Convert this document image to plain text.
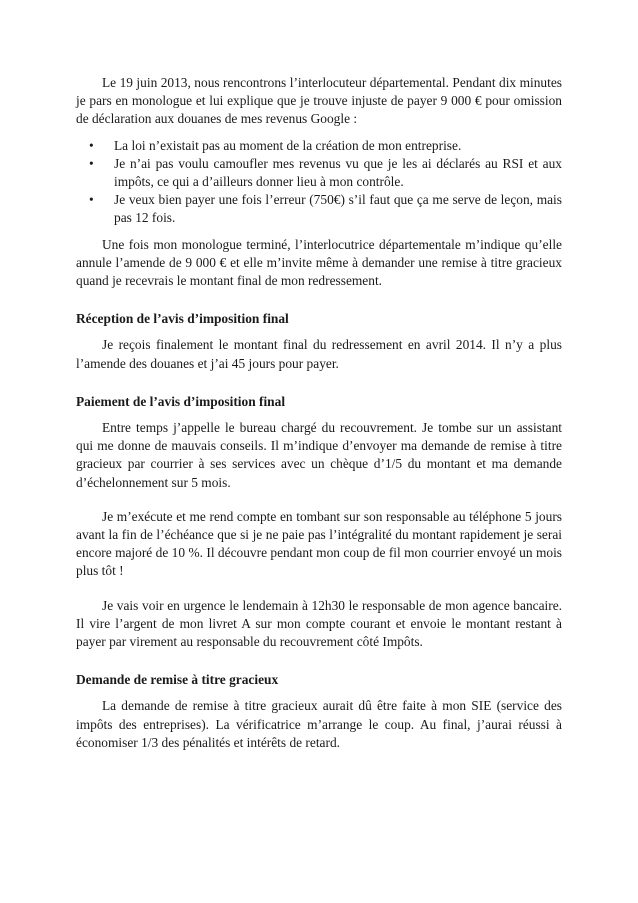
Le 19 juin 2013, nous rencontrons l’interlocuteur départemental. Pendant dix minutes je pars en monologue et lui explique que je trouve injuste de payer 9 000 € pour omission de déclaration aux douanes de mes revenus Google :

• La loi n’existait pas au moment de la création de mon entreprise.
• Je n’ai pas voulu camoufler mes revenus vu que je les ai déclarés au RSI et aux impôts, ce qui a d’ailleurs donner lieu à mon contrôle.
• Je veux bien payer une fois l’erreur (750€) s’il faut que ça me serve de leçon, mais pas 12 fois.

Une fois mon monologue terminé, l’interlocutrice départementale m’indique qu’elle annule l’amende de 9 000 € et elle m’invite même à demander une remise à titre gracieux quand je recevrais le montant final de mon redressement.

Réception de l’avis d’imposition final

Je reçois finalement le montant final du redressement en avril 2014. Il n’y a plus l’amende des douanes et j’ai 45 jours pour payer.

Paiement de l’avis d’imposition final

Entre temps j’appelle le bureau chargé du recouvrement. Je tombe sur un assistant qui me donne de mauvais conseils. Il m’indique d’envoyer ma demande de remise à titre gracieux par courrier à ses services avec un chèque d’1/5 du montant et ma demande d’échelonnement sur 5 mois.

Je m’exécute et me rend compte en tombant sur son responsable au téléphone 5 jours avant la fin de l’échéance que si je ne paie pas l’intégralité du montant rapidement je serai encore majoré de 10 %. Il découvre pendant mon coup de fil mon courrier envoyé un mois plus tôt !

Je vais voir en urgence le lendemain à 12h30 le responsable de mon agence bancaire. Il vire l’argent de mon livret A sur mon compte courant et envoie le montant restant à payer par virement au responsable du recouvrement côté Impôts.

Demande de remise à titre gracieux

La demande de remise à titre gracieux aurait dû être faite à mon SIE (service des impôts des entreprises). La vérificatrice m’arrange le coup. Au final, j’aurai réussi à économiser 1/3 des pénalités et intérêts de retard.
